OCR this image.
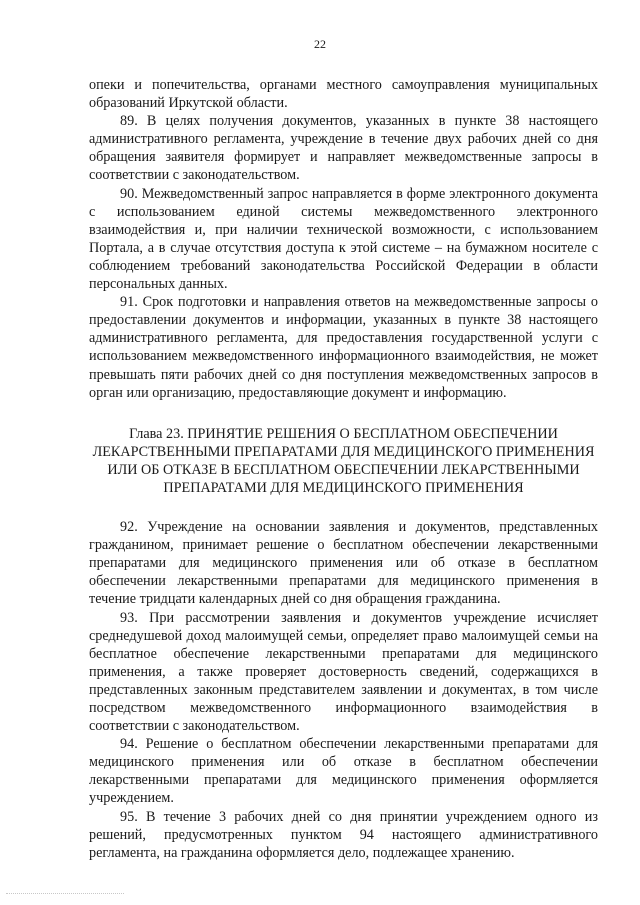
22

опеки и попечительства, органами местного самоуправления муниципальных образований Иркутской области.

89. В целях получения документов, указанных в пункте 38 настоящего административного регламента, учреждение в течение двух рабочих дней со дня обращения заявителя формирует и направляет межведомственные запросы в соответствии с законодательством.

90. Межведомственный запрос направляется в форме электронного документа с использованием единой системы межведомственного электронного взаимодействия и, при наличии технической возможности, с использованием Портала, а в случае отсутствия доступа к этой системе – на бумажном носителе с соблюдением требований законодательства Российской Федерации в области персональных данных.

91. Срок подготовки и направления ответов на межведомственные запросы о предоставлении документов и информации, указанных в пункте 38 настоящего административного регламента, для предоставления государственной услуги с использованием межведомственного информационного взаимодействия, не может превышать пяти рабочих дней со дня поступления межведомственных запросов в орган или организацию, предоставляющие документ и информацию.

Глава 23. ПРИНЯТИЕ РЕШЕНИЯ О БЕСПЛАТНОМ ОБЕСПЕЧЕНИИ ЛЕКАРСТВЕННЫМИ ПРЕПАРАТАМИ ДЛЯ МЕДИЦИНСКОГО ПРИМЕНЕНИЯ ИЛИ ОБ ОТКАЗЕ В БЕСПЛАТНОМ ОБЕСПЕЧЕНИИ ЛЕКАРСТВЕННЫМИ ПРЕПАРАТАМИ ДЛЯ МЕДИЦИНСКОГО ПРИМЕНЕНИЯ

92. Учреждение на основании заявления и документов, представленных гражданином, принимает решение о бесплатном обеспечении лекарственными препаратами для медицинского применения или об отказе в бесплатном обеспечении лекарственными препаратами для медицинского применения в течение тридцати календарных дней со дня обращения гражданина.

93. При рассмотрении заявления и документов учреждение исчисляет среднедушевой доход малоимущей семьи, определяет право малоимущей семьи на бесплатное обеспечение лекарственными препаратами для медицинского применения, а также проверяет достоверность сведений, содержащихся в представленных законным представителем заявлении и документах, в том числе посредством межведомственного информационного взаимодействия в соответствии с законодательством.

94. Решение о бесплатном обеспечении лекарственными препаратами для медицинского применения или об отказе в бесплатном обеспечении лекарственными препаратами для медицинского применения оформляется учреждением.

95. В течение 3 рабочих дней со дня принятии учреждением одного из решений, предусмотренных пунктом 94 настоящего административного регламента, на гражданина оформляется дело, подлежащее хранению.
